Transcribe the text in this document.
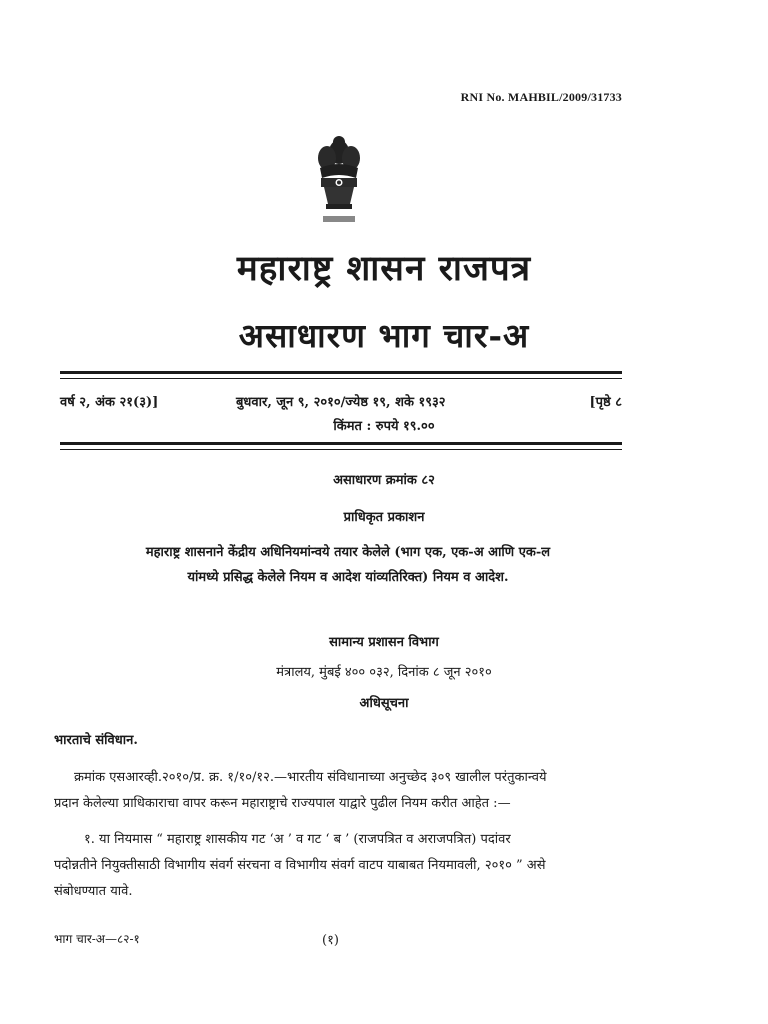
RNI No. MAHBIL/2009/31733
महाराष्ट्र शासन राजपत्र
असाधारण भाग चार-अ
वर्ष २, अंक २१(३)]	बुधवार, जून ९, २०१०/ज्येष्ठ १९, शके १९३२	[पृष्ठे ८
किंमत : रुपये १९.००
असाधारण क्रमांक ८२
प्राधिकृत प्रकाशन
महाराष्ट्र शासनाने केंद्रीय अधिनियमांन्वये तयार केलेले (भाग एक, एक-अ आणि एक-ल
यांमध्ये प्रसिद्ध केलेले नियम व आदेश यांव्यतिरिक्त) नियम व आदेश.
सामान्य प्रशासन विभाग
मंत्रालय, मुंबई ४०० ०३२, दिनांक ८ जून २०१०
अधिसूचना
भारताचे संविधान.
क्रमांक एसआरव्ही.२०१०/प्र. क्र. १/१०/१२.—भारतीय संविधानाच्या अनुच्छेद ३०९ खालील परंतुकान्वये
प्रदान केलेल्या प्राधिकाराचा वापर करून महाराष्ट्राचे राज्यपाल याद्वारे पुढील नियम करीत आहेत :—
१. या नियमास “ महाराष्ट्र शासकीय गट ‘अ ’ व गट ‘ ब ’ (राजपत्रित व अराजपत्रित) पदांवर
पदोन्नतीने नियुक्तीसाठी विभागीय संवर्ग संरचना व विभागीय संवर्ग वाटप याबाबत नियमावली, २०१० ” असे
संबोधण्यात यावे.
भाग चार-अ—८२-१	(१)
